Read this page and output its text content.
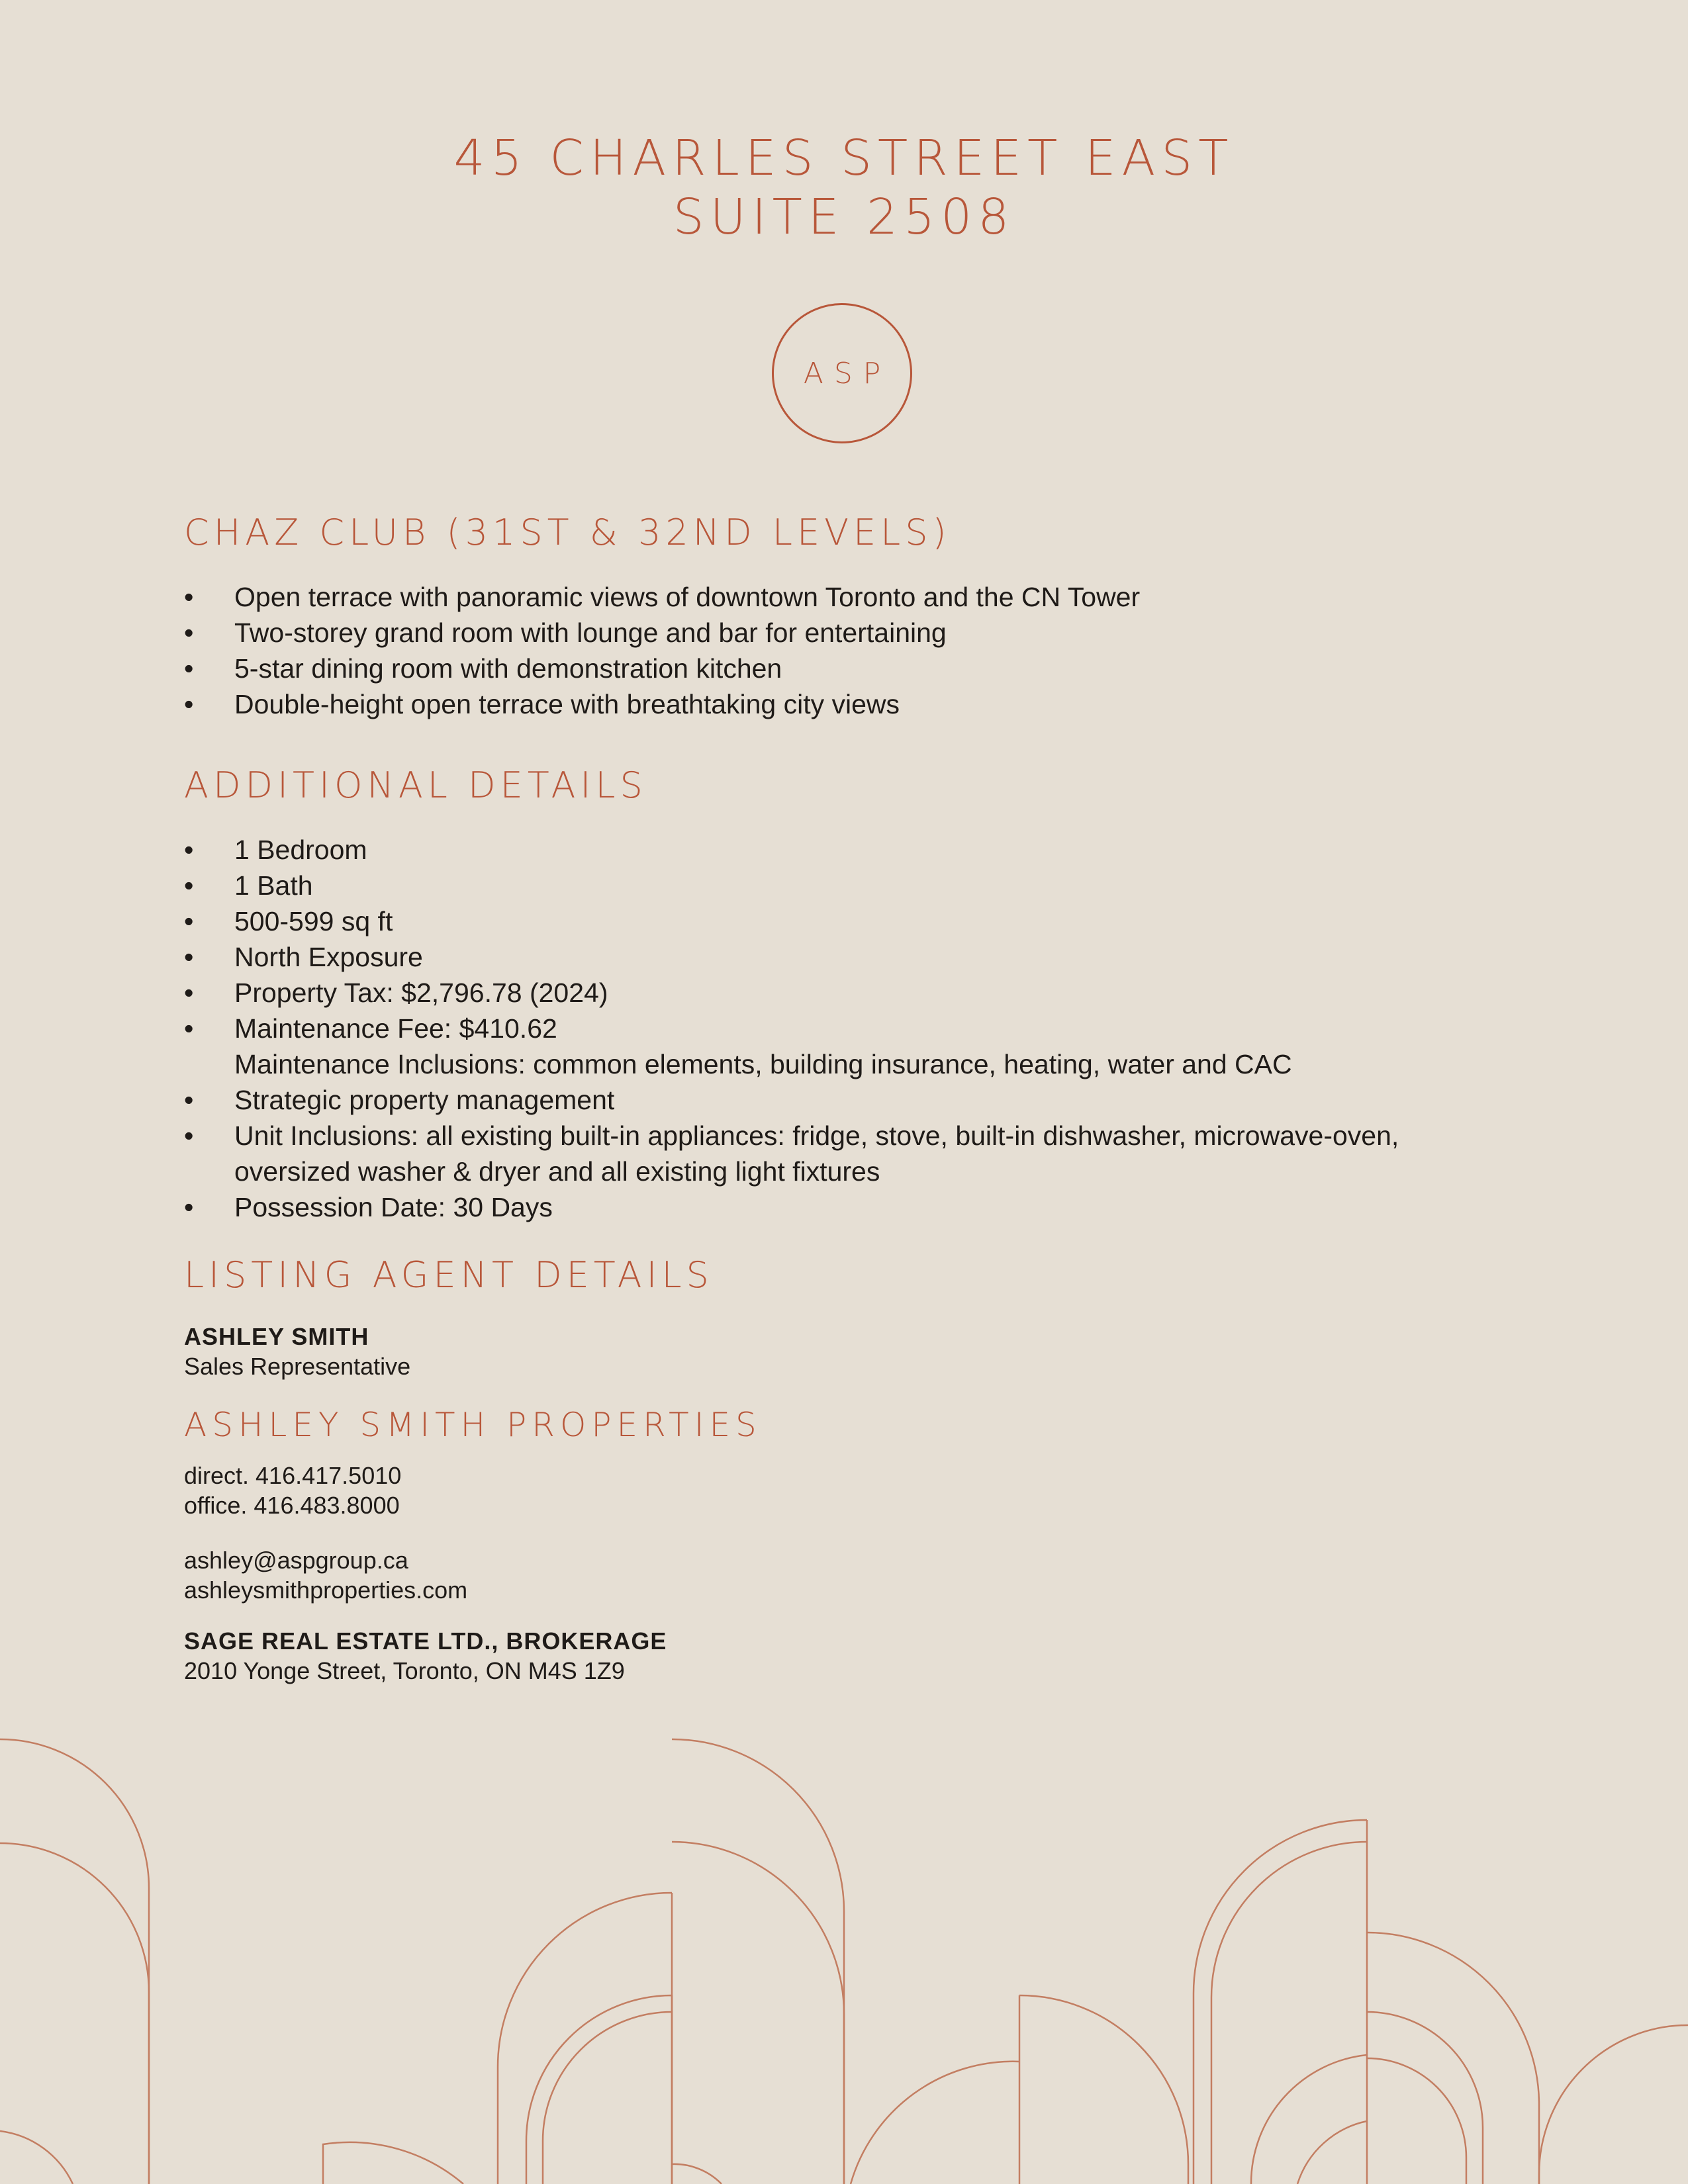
45 CHARLES STREET EAST
SUITE 2508
ASP
CHAZ CLUB (31ST & 32ND LEVELS)
• Open terrace with panoramic views of downtown Toronto and the CN Tower
• Two-storey grand room with lounge and bar for entertaining
• 5-star dining room with demonstration kitchen
• Double-height open terrace with breathtaking city views
ADDITIONAL DETAILS
• 1 Bedroom
• 1 Bath
• 500-599 sq ft
• North Exposure
• Property Tax: $2,796.78 (2024)
• Maintenance Fee: $410.62
Maintenance Inclusions: common elements, building insurance, heating, water and CAC
• Strategic property management
• Unit Inclusions: all existing built-in appliances: fridge, stove, built-in dishwasher, microwave-oven,
oversized washer & dryer and all existing light fixtures
• Possession Date: 30 Days
LISTING AGENT DETAILS
ASHLEY SMITH
Sales Representative
ASHLEY SMITH PROPERTIES
direct. 416.417.5010
office. 416.483.8000
ashley@aspgroup.ca
ashleysmithproperties.com
SAGE REAL ESTATE LTD., BROKERAGE
2010 Yonge Street, Toronto, ON M4S 1Z9
